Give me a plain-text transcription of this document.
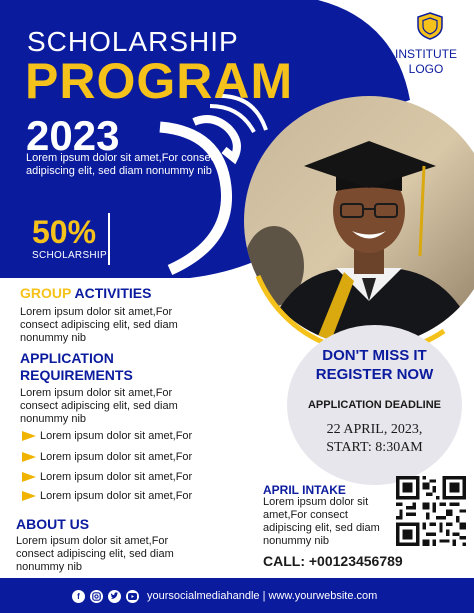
SCHOLARSHIP
PROGRAM
2023
Lorem ipsum dolor sit amet,For consect adipiscing elit, sed diam nonummy nib
50%
SCHOLARSHIP
INSTITUTE
LOGO
GROUP ACTIVITIES
Lorem ipsum dolor sit amet,For consect adipiscing elit, sed diam nonummy nib
APPLICATION
REQUIREMENTS
Lorem ipsum dolor sit amet,For consect adipiscing elit, sed diam nonummy nib
Lorem ipsum dolor sit amet,For
Lorem ipsum dolor sit amet,For
Lorem ipsum dolor sit amet,For
Lorem ipsum dolor sit amet,For
ABOUT US
Lorem ipsum dolor sit amet,For consect adipiscing elit, sed diam nonummy nib
DON'T MISS IT
REGISTER NOW
APPLICATION DEADLINE
22 APRIL, 2023,
START: 8:30AM
APRIL INTAKE
Lorem ipsum dolor sit amet,For consect adipiscing elit, sed diam nonummy nib
CALL: +00123456789
f	yoursocialmediahandle | www.yourwebsite.com
